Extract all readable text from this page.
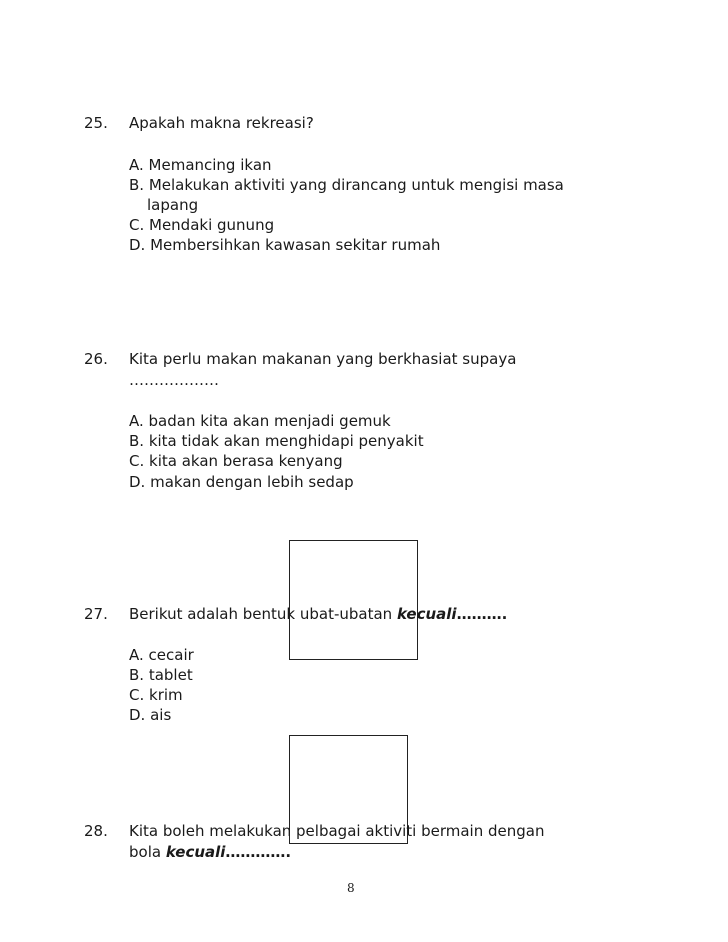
25. Apakah makna rekreasi?
A. Memancing ikan
B. Melakukan aktiviti yang dirancang untuk mengisi masa
lapang
C. Mendaki gunung
D. Membersihkan kawasan sekitar rumah
26. Kita perlu makan makanan yang berkhasiat supaya
………………
A. badan kita akan menjadi gemuk
B. kita tidak akan menghidapi penyakit
C. kita akan berasa kenyang
D. makan dengan lebih sedap
27. Berikut adalah bentuk ubat-ubatan kecuali……….
A. cecair
B. tablet
C. krim
D. ais
28. Kita boleh melakukan pelbagai aktiviti bermain dengan
bola kecuali………….
8
